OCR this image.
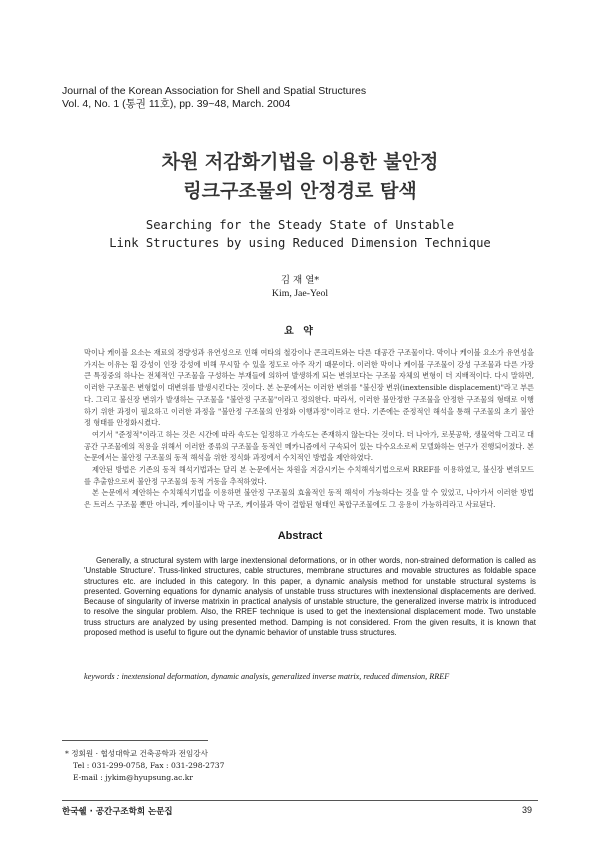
Journal of the Korean Association for Shell and Spatial Structures
Vol. 4, No. 1 (통권 11호), pp. 39~48, March. 2004
차원 저감화기법을 이용한 불안정
링크구조물의 안정경로 탐색
Searching for the Steady State of Unstable
Link Structures by using Reduced Dimension Technique
김 재 열*
Kim, Jae-Yeol
요 약

막이나 케이블 요소는 재료의 경량성과 유연성으로 인해 여타의 철강이나 콘크리트와는 다른 대공간 구조물이다. 막이나 케이블 요소가 유연성을 가지는 이유는 휨 강성이 인장 강성에 비해 무시할 수 있을 정도로 아주 작기 때문이다. 이러한 막이나 케이블 구조물이 강성 구조물과 다른 가장 큰 특징중의 하나는 전체적인 구조물을 구성하는 부재들에 의하여 발생하게 되는 변위보다는 구조물 자체의 변형이 더 지배적이다. 다시 말하면, 이러한 구조물은 변형없이 대변위를 발생시킨다는 것이다. 본 논문에서는 이러한 변위를 "불신장 변위(inextensible displacement)"라고 부른다. 그리고 불신장 변위가 발생하는 구조물을 "불안정 구조물"이라고 정의한다. 따라서, 이러한 불안정한 구조물을 안정한 구조물의 형태로 이행하기 위한 과정이 필요하고 이러한 과정을 "불안정 구조물의 안정화 이행과정"이라고 한다. 기존에는 준정적인 해석을 통해 구조물의 초기 불안정 형태를 안정화시켰다.

여기서 "준정적"이라고 하는 것은 시간에 따라 속도는 일정하고 가속도는 존재하지 않는다는 것이다. 더 나아가, 로봇공학, 생물역학 그리고 대공간 구조물에의 적용을 위해서 이러한 종류의 구조물을 동적인 메카니즘에서 구속되어 있는 다수요소로써 모델화하는 연구가 진행되어졌다. 본 논문에서는 불안정 구조물의 동적 해석을 위한 정식화 과정에서 수치적인 방법을 제안하였다.

제안된 방법은 기존의 동적 해석기법과는 달리 본 논문에서는 차원을 저감시키는 수치해석기법으로써 RREF를 이용하였고, 불신장 변위모드를 추출함으로써 불안정 구조물의 동적 거동을 추적하였다.

본 논문에서 제안하는 수치해석기법을 이용하면 불안정 구조물의 효율적인 동적 해석이 가능하다는 것을 알 수 있었고, 나아가서 이러한 방법은 트러스 구조물 뿐만 아니라, 케이블이나 막 구조, 케이블과 막이 결합된 형태인 복합구조물에도 그 응용이 가능하리라고 사료된다.

Abstract
Generally, a structural system with large inextensional deformations, or in other words, non-strained deformation is called as 'Unstable Structure'. Truss-linked structures, cable structures, membrane structures and movable structures as foldable space structures etc. are included in this category. In this paper, a dynamic analysis method for unstable structural systems is presented. Governing equations for dynamic analysis of unstable truss structures with inextensional displacements are derived. Because of singularity of inverse matrixin in practical analysis of unstable structure, the generalized inverse matrix is introduced to resolve the singular problem. Also, the RREF technique is used to get the inextensional displacement mode. Two unstable truss structurs are analyzed by using presented method. Damping is not considered. From the given results, it is known that proposed method is useful to figure out the dynamic behavior of unstable truss structures.
keywords : inextensional deformation, dynamic analysis, generalized inverse matrix, reduced dimension, RREF
* 정회원 · 협성대학교 건축공학과 전임강사
Tel : 031-299-0758, Fax : 031-298-2737
E-mail : jykim@hyupsung.ac.kr
한국쉘 · 공간구조학회 논문집	39
